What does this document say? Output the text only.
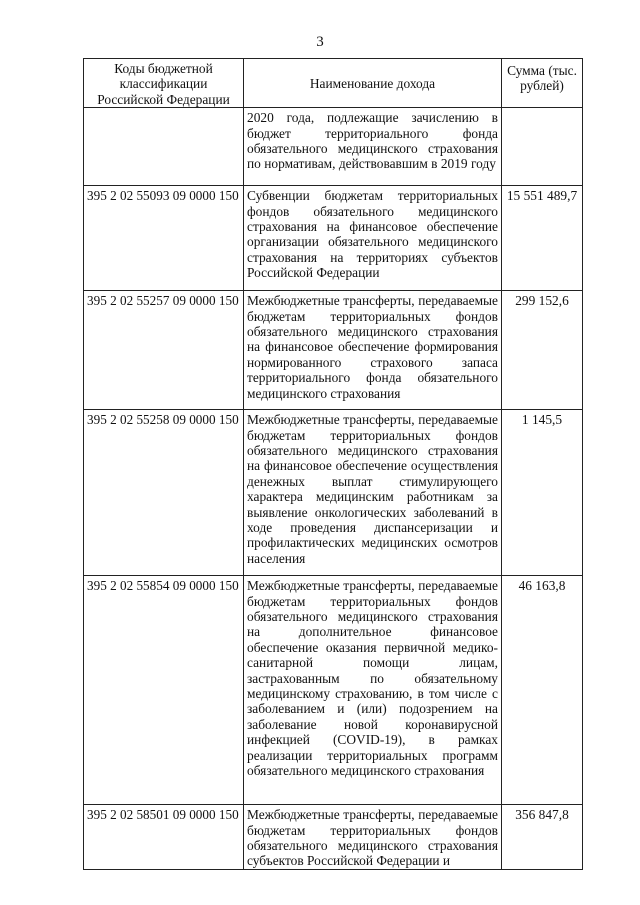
3
Коды бюджетной классификации Российской Федерации	Наименование дохода	Сумма (тыс. рублей)
	2020 года, подлежащие зачислению в бюджет территориального фонда обязательного медицинского страхования по нормативам, действовавшим в 2019 году	
395 2 02 55093 09 0000 150	Субвенции бюджетам территориальных фондов обязательного медицинского страхования на финансовое обеспечение организации обязательного медицинского страхования на территориях субъектов Российской Федерации	15 551 489,7
395 2 02 55257 09 0000 150	Межбюджетные трансферты, передаваемые бюджетам территориальных фондов обязательного медицинского страхования на финансовое обеспечение формирования нормированного страхового запаса территориального фонда обязательного медицинского страхования	299 152,6
395 2 02 55258 09 0000 150	Межбюджетные трансферты, передаваемые бюджетам территориальных фондов обязательного медицинского страхования на финансовое обеспечение осуществления денежных выплат стимулирующего характера медицинским работникам за выявление онкологических заболеваний в ходе проведения диспансеризации и профилактических медицинских осмотров населения	1 145,5
395 2 02 55854 09 0000 150	Межбюджетные трансферты, передаваемые бюджетам территориальных фондов обязательного медицинского страхования на дополнительное финансовое обеспечение оказания первичной медико-санитарной помощи лицам, застрахованным по обязательному медицинскому страхованию, в том числе с заболеванием и (или) подозрением на заболевание новой коронавирусной инфекцией (COVID-19), в рамках реализации территориальных программ обязательного медицинского страхования	46 163,8
395 2 02 58501 09 0000 150	Межбюджетные трансферты, передаваемые бюджетам территориальных фондов обязательного медицинского страхования субъектов Российской Федерации и	356 847,8
